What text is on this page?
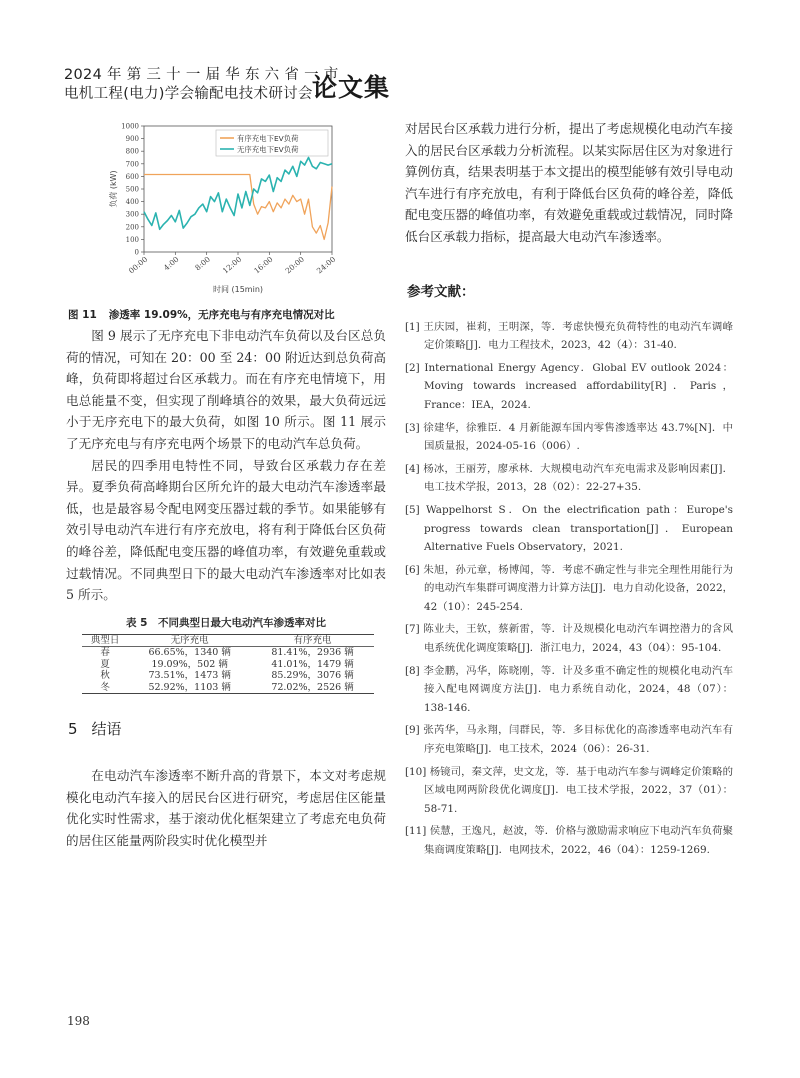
2024 年 第 三 十 一 届 华 东 六 省 一 市
电机工程(电力)学会输配电技术研讨会 论文集
0
100
200
300
400
500
600
700
800
900
1000
负荷 (kW)
00:00 4:00 8:00 12:00 16:00 20:00 24:00
时间 (15min)
有序充电下EV负荷
无序充电下EV负荷
图 11 渗透率 19.09%，无序充电与有序充电情况对比

图 9 展示了无序充电下非电动汽车负荷以及台区总负荷的情况，可知在 20：00 至 24：00 附近达到总负荷高峰，负荷即将超过台区承载力。而在有序充电情境下，用电总能量不变，但实现了削峰填谷的效果，最大负荷远远小于无序充电下的最大负荷，如图 10 所示。图 11 展示了无序充电与有序充电两个场景下的电动汽车总负荷。

居民的四季用电特性不同，导致台区承载力存在差异。夏季负荷高峰期台区所允许的最大电动汽车渗透率最低，也是最容易令配电网变压器过载的季节。如果能够有效引导电动汽车进行有序充放电，将有利于降低台区负荷的峰谷差，降低配电变压器的峰值功率，有效避免重载或过载情况。不同典型日下的最大电动汽车渗透率对比如表 5 所示。

表 5　不同典型日最大电动汽车渗透率对比
典型日	无序充电	有序充电
春	66.65%，1340 辆	81.41%，2936 辆
夏	19.09%，502 辆	41.01%，1479 辆
秋	73.51%，1473 辆	85.29%，3076 辆
冬	52.92%，1103 辆	72.02%，2526 辆
5 结语

在电动汽车渗透率不断升高的背景下，本文对考虑规模化电动汽车接入的居民台区进行研究，考虑居住区能量优化实时性需求，基于滚动优化框架建立了考虑充电负荷的居住区能量两阶段实时优化模型并

对居民台区承载力进行分析，提出了考虑规模化电动汽车接入的居民台区承载力分析流程。以某实际居住区为对象进行算例仿真，结果表明基于本文提出的模型能够有效引导电动汽车进行有序充放电，有利于降低台区负荷的峰谷差，降低配电变压器的峰值功率，有效避免重载或过载情况，同时降低台区承载力指标，提高最大电动汽车渗透率。

参考文献：
[1] 王庆园，崔莉，王明深，等．考虑快慢充负荷特性的电动汽车调峰定价策略[J]．电力工程技术，2023，42（4）：31-40.
[2] International Energy Agency．Global EV outlook 2024：Moving towards increased affordability[R]．Paris，France：IEA，2024.
[3] 徐建华，徐雅臣．4 月新能源车国内零售渗透率达 43.7%[N]．中国质量报，2024-05-16（006）.
[4] 杨冰，王丽芳，廖承林．大规模电动汽车充电需求及影响因素[J]．电工技术学报，2013，28（02）：22-27+35.
[5] Wappelhorst S．On the electrification path：Europe's progress towards clean transportation[J]．European Alternative Fuels Observatory，2021.
[6] 朱旭，孙元章，杨博闻，等．考虑不确定性与非完全理性用能行为的电动汽车集群可调度潜力计算方法[J]．电力自动化设备，2022，42（10）：245-254.
[7] 陈业夫，王钦，蔡新雷，等．计及规模化电动汽车调控潜力的含风电系统优化调度策略[J]．浙江电力，2024，43（04）：95-104.
[8] 李金鹏，冯华，陈晓刚，等．计及多重不确定性的规模化电动汽车接入配电网调度方法[J]．电力系统自动化，2024，48（07）：138-146.
[9] 张芮华，马永翔，闫群民，等．多目标优化的高渗透率电动汽车有序充电策略[J]．电工技术，2024（06）：26-31.
[10] 杨镜司，秦文萍，史文龙，等．基于电动汽车参与调峰定价策略的区域电网两阶段优化调度[J]．电工技术学报，2022，37（01）：58-71.
[11] 侯慧，王逸凡，赵波，等．价格与激励需求响应下电动汽车负荷聚集商调度策略[J]．电网技术，2022，46（04）：1259-1269.
198
